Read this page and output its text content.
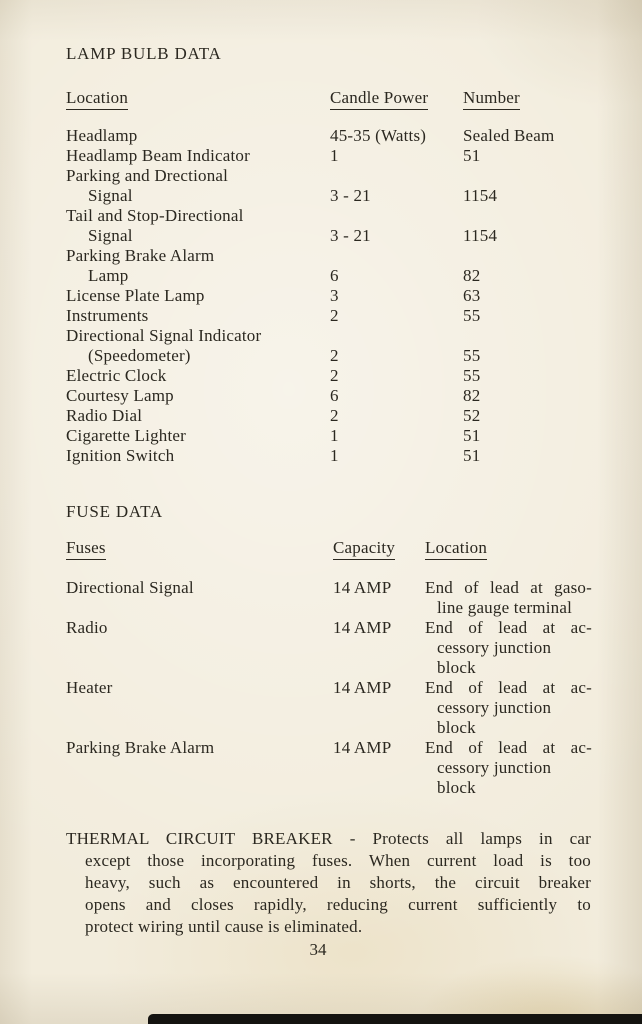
LAMP BULB DATA
Location	Candle Power	Number
Headlamp	45-35 (Watts)	Sealed Beam
Headlamp Beam Indicator	1	51
Parking and Drectional
Signal	3 - 21	1154
Tail and Stop-Directional
Signal	3 - 21	1154
Parking Brake Alarm
Lamp	6	82
License Plate Lamp	3	63
Instruments	2	55
Directional Signal Indicator
(Speedometer)	2	55
Electric Clock	2	55
Courtesy Lamp	6	82
Radio Dial	2	52
Cigarette Lighter	1	51
Ignition Switch	1	51
FUSE DATA
Fuses	Capacity	Location
Directional Signal	14 AMP	End of lead at gaso-
line gauge terminal
Radio	14 AMP	End of lead at ac-
cessory junction
block
Heater	14 AMP	End of lead at ac-
cessory junction
block
Parking Brake Alarm	14 AMP	End of lead at ac-
cessory junction
block
THERMAL CIRCUIT BREAKER - Protects all lamps in car
except those incorporating fuses. When current load is too
heavy, such as encountered in shorts, the circuit breaker
opens and closes rapidly, reducing current sufficiently to
protect wiring until cause is eliminated.
34
